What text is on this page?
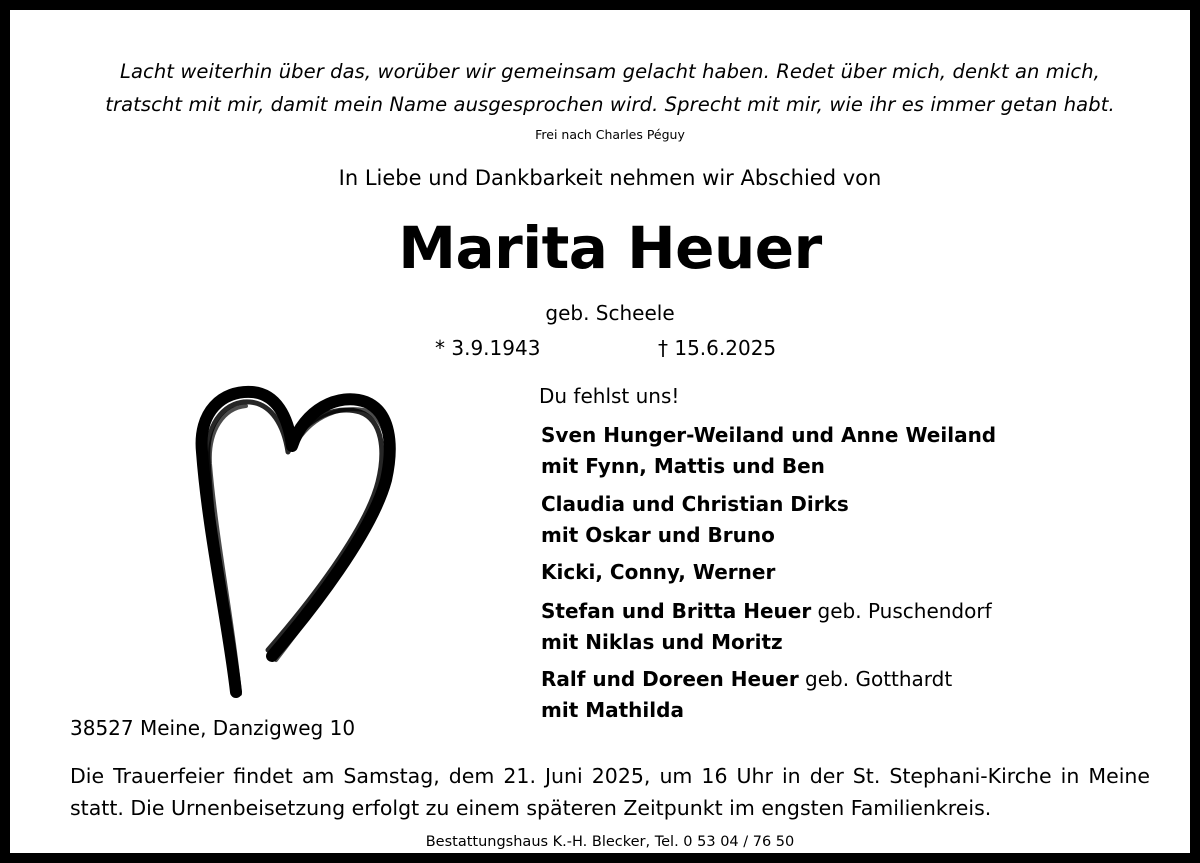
Lacht weiterhin über das, worüber wir gemeinsam gelacht haben. Redet über mich, denkt an mich,
tratscht mit mir, damit mein Name ausgesprochen wird. Sprecht mit mir, wie ihr es immer getan habt.
Frei nach Charles Péguy
In Liebe und Dankbarkeit nehmen wir Abschied von
Marita Heuer
geb. Scheele
* 3.9.1943	† 15.6.2025
38527 Meine, Danzigweg 10
Du fehlst uns!
Sven Hunger-Weiland und Anne Weiland
mit Fynn, Mattis und Ben
Claudia und Christian Dirks
mit Oskar und Bruno
Kicki, Conny, Werner
Stefan und Britta Heuer geb. Puschendorf
mit Niklas und Moritz
Ralf und Doreen Heuer geb. Gotthardt
mit Mathilda
Die Trauerfeier findet am Samstag, dem 21. Juni 2025, um 16 Uhr in der St. Stephani-Kirche in Meine statt. Die Urnenbeisetzung erfolgt zu einem späteren Zeitpunkt im engsten Familienkreis.
Bestattungshaus K.-H. Blecker, Tel. 0 53 04 / 76 50
